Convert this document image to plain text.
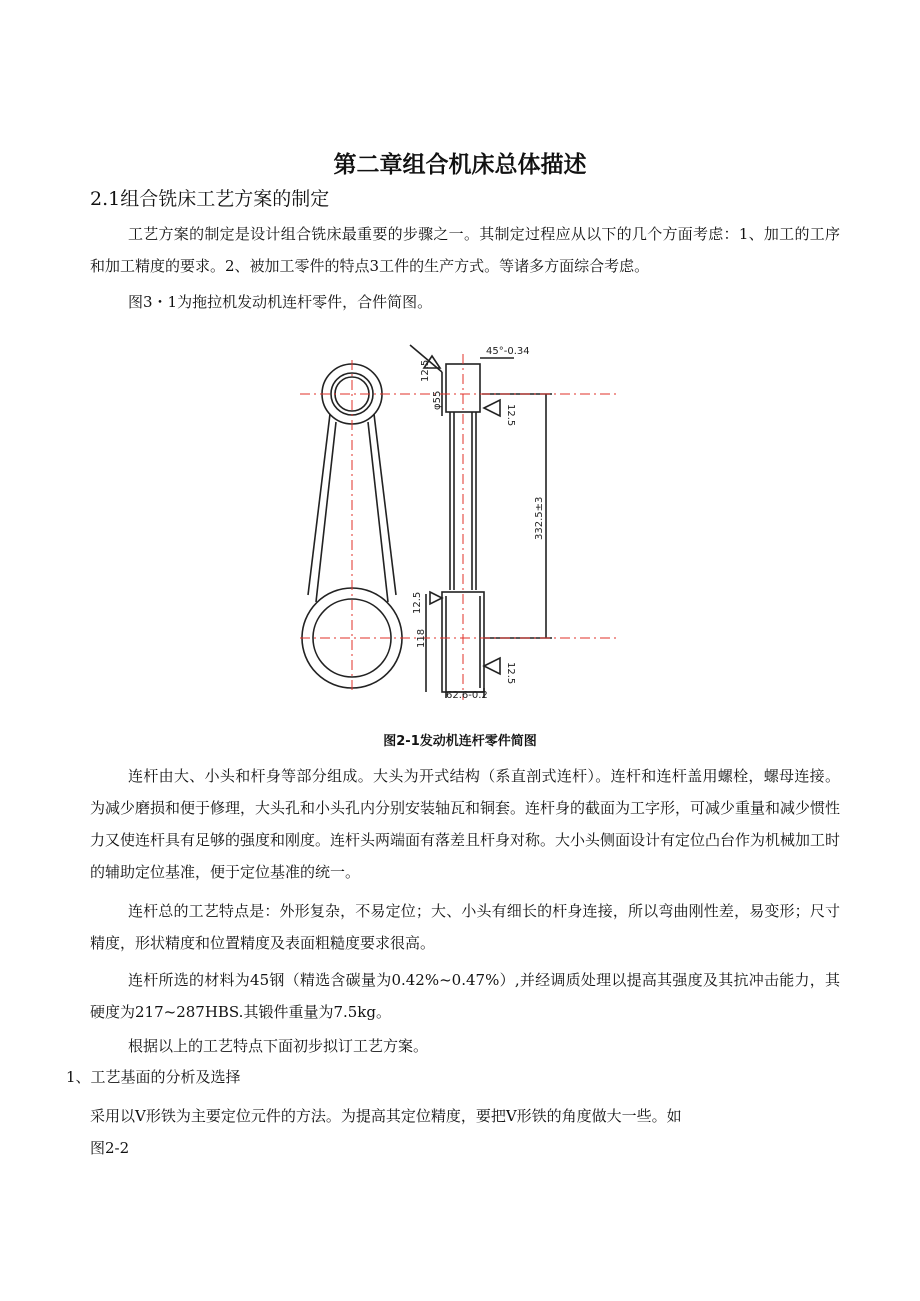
第二章组合机床总体描述
2.1组合铣床工艺方案的制定

工艺方案的制定是设计组合铣床最重要的步骤之一。其制定过程应从以下的几个方面考虑：1、加工的工序和加工精度的要求。2、被加工零件的特点3工件的生产方式。等诸多方面综合考虑。

图3・1为拖拉机发动机连杆零件，合件简图。

45°-0.34
12.5
φ55
12.5
332.5±3
12.5
118
12.5
62.6-0.2

图2-1发动机连杆零件简图

连杆由大、小头和杆身等部分组成。大头为开式结构（系直剖式连杆）。连杆和连杆盖用螺栓，螺母连接。为减少磨损和便于修理，大头孔和小头孔内分别安装轴瓦和铜套。连杆身的截面为工字形，可减少重量和减少惯性力又使连杆具有足够的强度和刚度。连杆头两端面有落差且杆身对称。大小头侧面设计有定位凸台作为机械加工时的辅助定位基准，便于定位基准的统一。

连杆总的工艺特点是：外形复杂，不易定位；大、小头有细长的杆身连接，所以弯曲刚性差，易变形；尺寸精度，形状精度和位置精度及表面粗糙度要求很高。

连杆所选的材料为45钢（精选含碳量为0.42%~0.47%）,并经调质处理以提高其强度及其抗冲击能力，其硬度为217~287HBS.其锻件重量为7.5kg。

根据以上的工艺特点下面初步拟订工艺方案。

1、工艺基面的分析及选择

采用以V形铁为主要定位元件的方法。为提高其定位精度，要把V形铁的角度做大一些。如

图2-2
